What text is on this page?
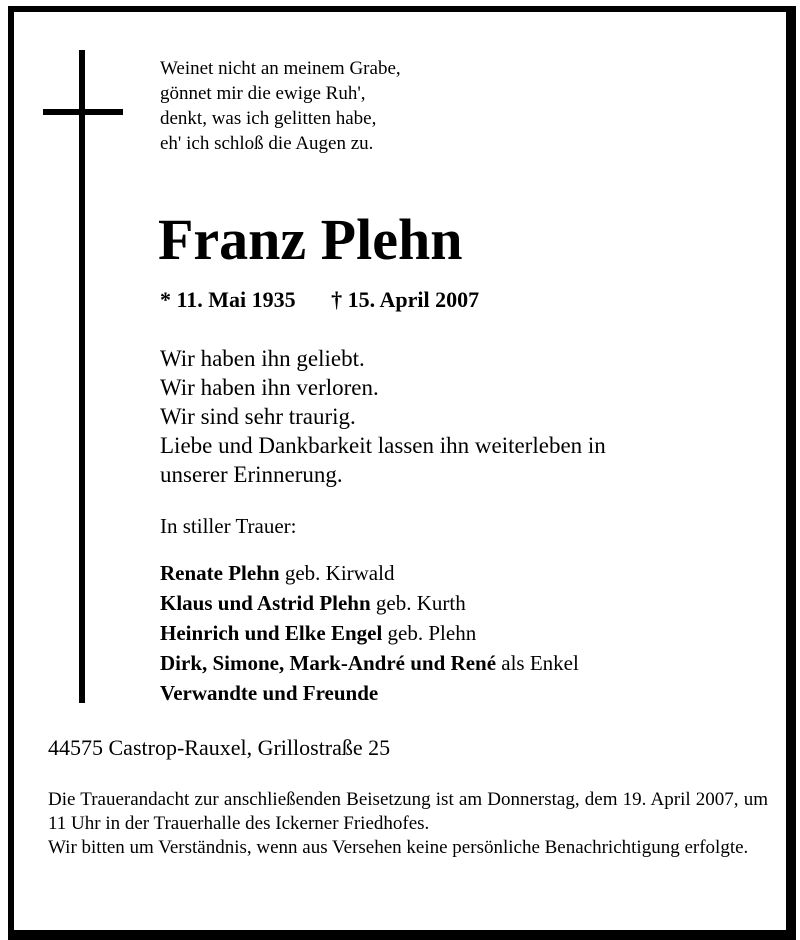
Weinet nicht an meinem Grabe,
gönnet mir die ewige Ruh',
denkt, was ich gelitten habe,
eh' ich schloß die Augen zu.
Franz Plehn
* 11. Mai 1935 † 15. April 2007
Wir haben ihn geliebt.
Wir haben ihn verloren.
Wir sind sehr traurig.
Liebe und Dankbarkeit lassen ihn weiterleben in
unserer Erinnerung.
In stiller Trauer:
Renate Plehn geb. Kirwald
Klaus und Astrid Plehn geb. Kurth
Heinrich und Elke Engel geb. Plehn
Dirk, Simone, Mark-André und René als Enkel
Verwandte und Freunde
44575 Castrop-Rauxel, Grillostraße 25

Die Trauerandacht zur anschließenden Beisetzung ist am Donnerstag, dem 19. April 2007, um 11 Uhr in der Trauerhalle des Ickerner Friedhofes.

Wir bitten um Verständnis, wenn aus Versehen keine persönliche Benachrichtigung erfolgte.
